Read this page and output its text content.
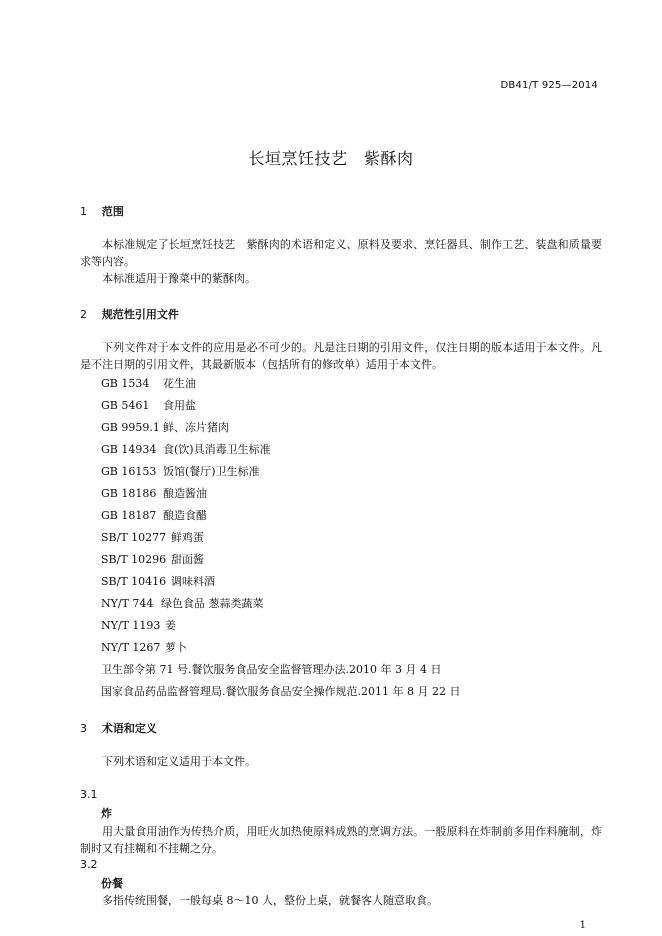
DB41/T 925—2014
长垣烹饪技艺　紫酥肉
1 范围
本标准规定了长垣烹饪技艺　紫酥肉的术语和定义、原料及要求、烹饪器具、制作工艺、装盘和质量要求等内容。
本标准适用于豫菜中的紫酥肉。
2 规范性引用文件
下列文件对于本文件的应用是必不可少的。凡是注日期的引用文件，仅注日期的版本适用于本文件。凡是不注日期的引用文件，其最新版本（包括所有的修改单）适用于本文件。
GB 1534 花生油
GB 5461 食用盐
GB 9959.1 鲜、冻片猪肉
GB 14934 食(饮)具消毒卫生标准
GB 16153 饭馆(餐厅)卫生标准
GB 18186 酿造酱油
GB 18187 酿造食醋
SB/T 10277 鲜鸡蛋
SB/T 10296 甜面酱
SB/T 10416 调味料酒
NY/T 744 绿色食品 葱蒜类蔬菜
NY/T 1193 姜
NY/T 1267 萝卜
卫生部令第 71 号.餐饮服务食品安全监督管理办法.2010 年 3 月 4 日
国家食品药品监督管理局.餐饮服务食品安全操作规范.2011 年 8 月 22 日
3 术语和定义
下列术语和定义适用于本文件。
3.1
炸
用大量食用油作为传热介质，用旺火加热使原料成熟的烹调方法。一般原料在炸制前多用作料腌制，炸制时又有挂糊和不挂糊之分。
3.2
份餐
多指传统围餐，一般每桌 8～10 人，整份上桌，就餐客人随意取食。
1
